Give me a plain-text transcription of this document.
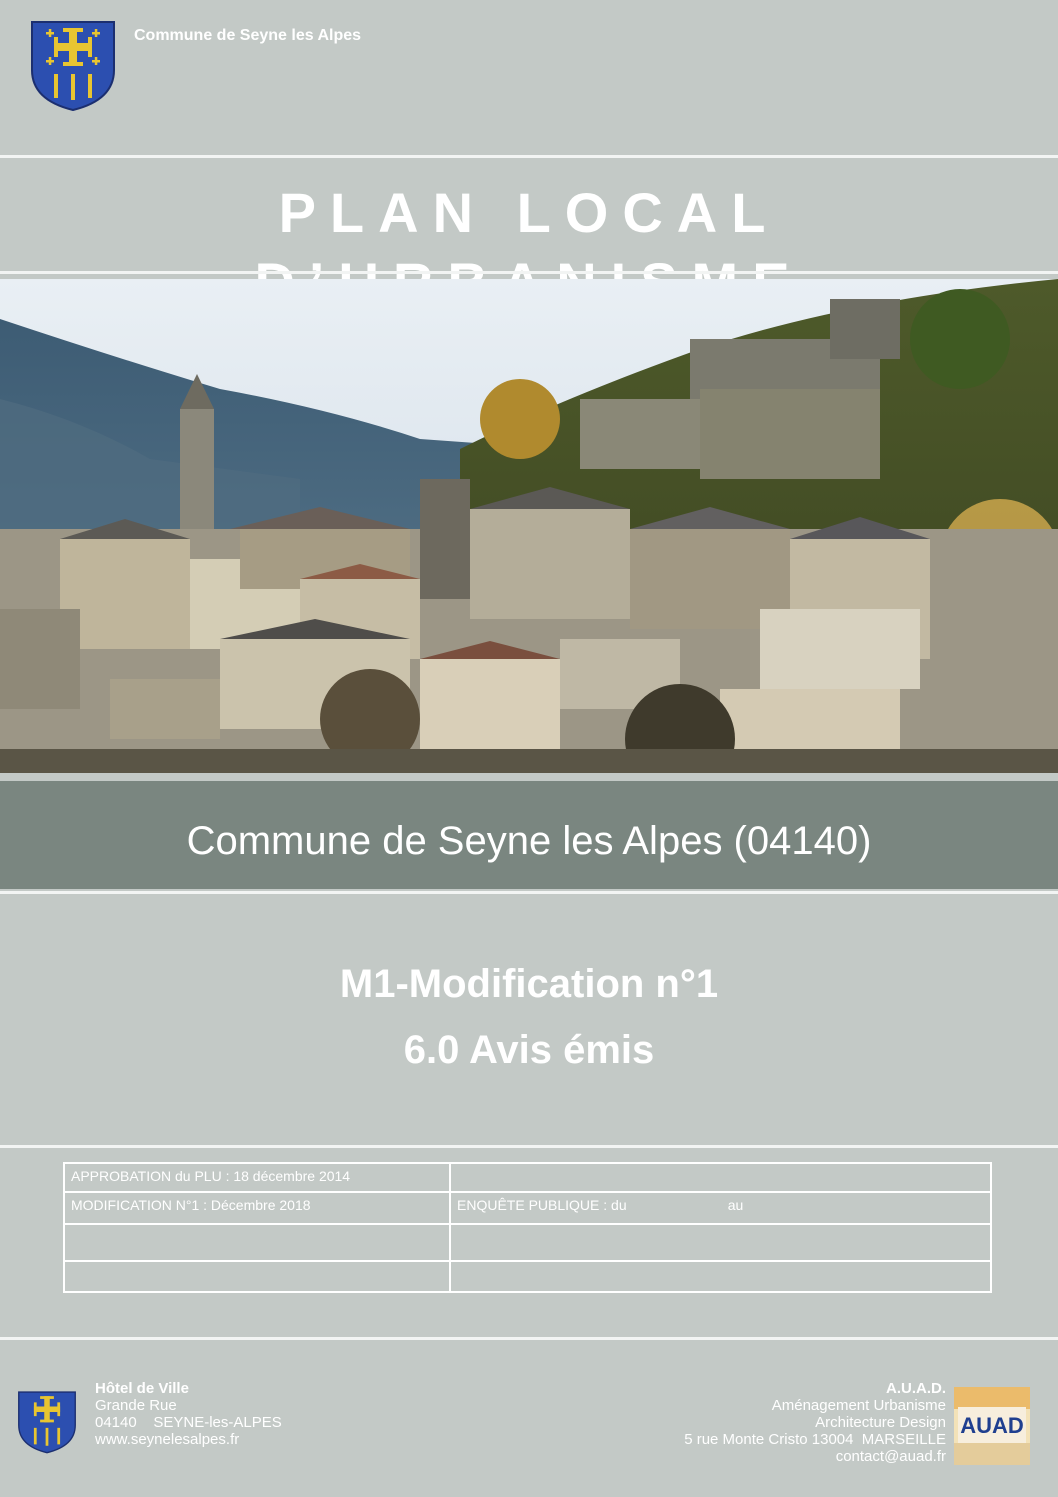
Commune de Seyne les Alpes
PLAN LOCAL
Commune de Seyne les Alpes (04140)
M1-Modification n°1
6.0 Avis émis
APPROBATION du PLU : 18 décembre 2014
MODIFICATION N°1 : Décembre 2018	ENQUÊTE PUBLIQUE : du                          au
Hôtel de Ville
Grande Rue
04140    SEYNE-les-ALPES
www.seynelesalpes.fr
A.U.A.D.
Aménagement Urbanisme
Architecture Design
5 rue Monte Cristo 13004  MARSEILLE
contact@auad.fr
AUAD
